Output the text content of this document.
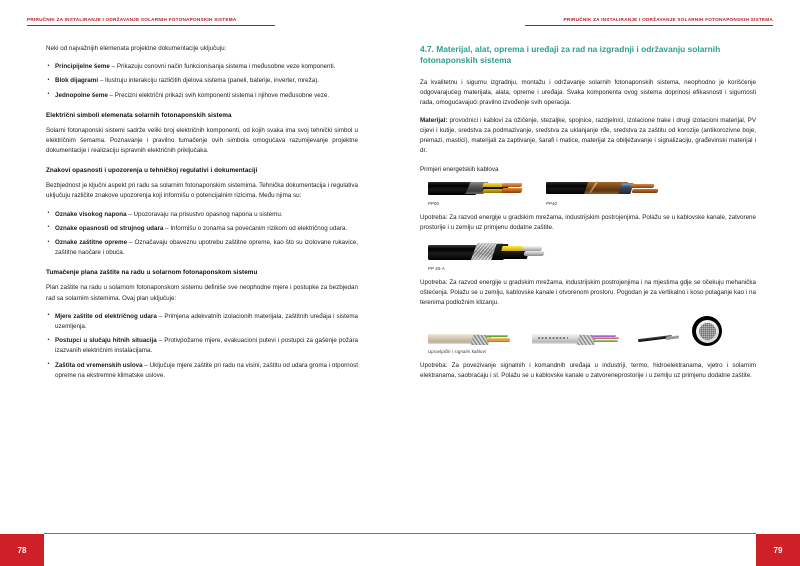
PRIRUČNIK ZA INSTALIRANJE I ODRŽAVANJE SOLARNIH FOTONAPONSKIH SISTEMA

Neki od najvažnijih elemenata projektne dokumentacije uključuju:

• Principijelne šeme – Prikazuju osnovni način funkcionisanja sistema i međusobne veze komponenti.
• Blok dijagrami – Ilustruju interakciju različitih djelova sistema (paneli, baterije, inverter, mreža).
• Jednopolne šeme – Precizni električni prikazi svih komponenti sistema i njihove međusobne veze.
Električni simboli elemenata solarnih fotonaponskih sistema

Solarni fotonaponski sistemi sadrže veliki broj električnih komponenti, od kojih svaka ima svoj tehnički simbol u električnim šemama. Poznavanje i pravilno tumačenje ovih simbola omogućava razumijevanje projektne dokumentacije i realizaciju ispravnih električnih priključaka.

Znakovi opasnosti i upozorenja u tehničkoj regulativi i dokumentaciji

Bezbjednost je ključni aspekt pri radu sa solarnim fotonaponskim sistemima. Tehnička dokumentacija i regulativa uključuju različite znakove upozorenja koji informišu o potencijalnim rizicima. Među njima su:

• Oznake visokog napona – Upozoravaju na prisustvo opasnog napona u sistemu.
• Oznake opasnosti od strujnog udara – Informišu o zonama sa povećanim rizikom od električnog udara.
• Oznake zaštitne opreme – Označavaju obaveznu upotrebu zaštitne opreme, kao što su izolovane rukavice, zaštitne naočare i obuća.
Tumačenje plana zaštite na radu u solarnom fotonaponskom sistemu

Plan zaštite na radu u solarnom fotonaponskom sistemu definiše sve neophodne mjere i postupke za bezbjedan rad sa solarnim sistemima. Ovaj plan uključuje:

• Mjere zaštite od električnog udara – Primjena adekvatnih izolacionih materijala, zaštitnih uređaja i sistema uzemljenja.
• Postupci u slučaju hitnih situacija – Protivpožarne mjere, evakuacioni putevi i postupci za gašenje požara izazvanih električnim instalacijama.
• Zaštita od vremenskih uslova – Uključuje mjere zaštite pri radu na visini, zaštitu od udara groma i otpornost opreme na ekstremne klimatske uslove.
78
PRIRUČNIK ZA INSTALIRANJE I ODRŽAVANJE SOLARNIH FOTONAPONSKIH SISTEMA
4.7. Materijal, alat, oprema i uređaji za rad na izgradnji i održavanju solarnih fotonaponskih sistema

Za kvalitetnu i sigurnu izgradnju, montažu i održavanje solarnih fotonaponskih sistema, neophodno je korišćenje odgovarajućeg materijala, alata, opreme i uređaja. Svaka komponenta ovog sistema doprinosi efikasnosti i sigurnosti rada, omogućavajući pravilno izvođenje svih operacija.

Materijal: provodnici i kablovi za ožičenje, stezaljke, spojnice, razdjelnici, izolacione trake i drugi izolacioni materijal, PV cijevi i kutije, sredstva za podmazivanje, sredstva za uklanjanje rđe, sredstva za zaštitu od korozije (antikorozivne boje, premazi, mastici), materijali za zaptivanje, šarafi i matice, materijal za obilježavanje i signalizaciju, građevinski materijal i dr.

Primjeri energetskih kablova

PP00	PP40

Upotreba: Za razvod energije u gradskim mrežama, industrijskim postrojenjima. Polažu se u kablovske kanale, zatvorene prostorije i u zemlju uz primjenu dodatne zaštite.

PP 45-A

Upotreba: Za razvod energije u gradskim mrežama, industrijskim postrojenjima i na mjestima gdje se očekuju mehanička oštećenja. Polažu se u zemlju, kablovske kanale i otvorenom prostoru. Pogodan je za vertikalno i koso polaganje kao i na terenima podložnim klizanju.

Upravljački i signalni kablovi

Upotreba: Za povezivanje signalnih i komandnih uređaja u industriji, termo, hidroelektranama, vjetro i solarnim elektranama, saobraćaju i sl. Polažu se u kablovske kanale u zatvoreneprostorije i u zemlju uz primjenu dodatne zaštite.

79
